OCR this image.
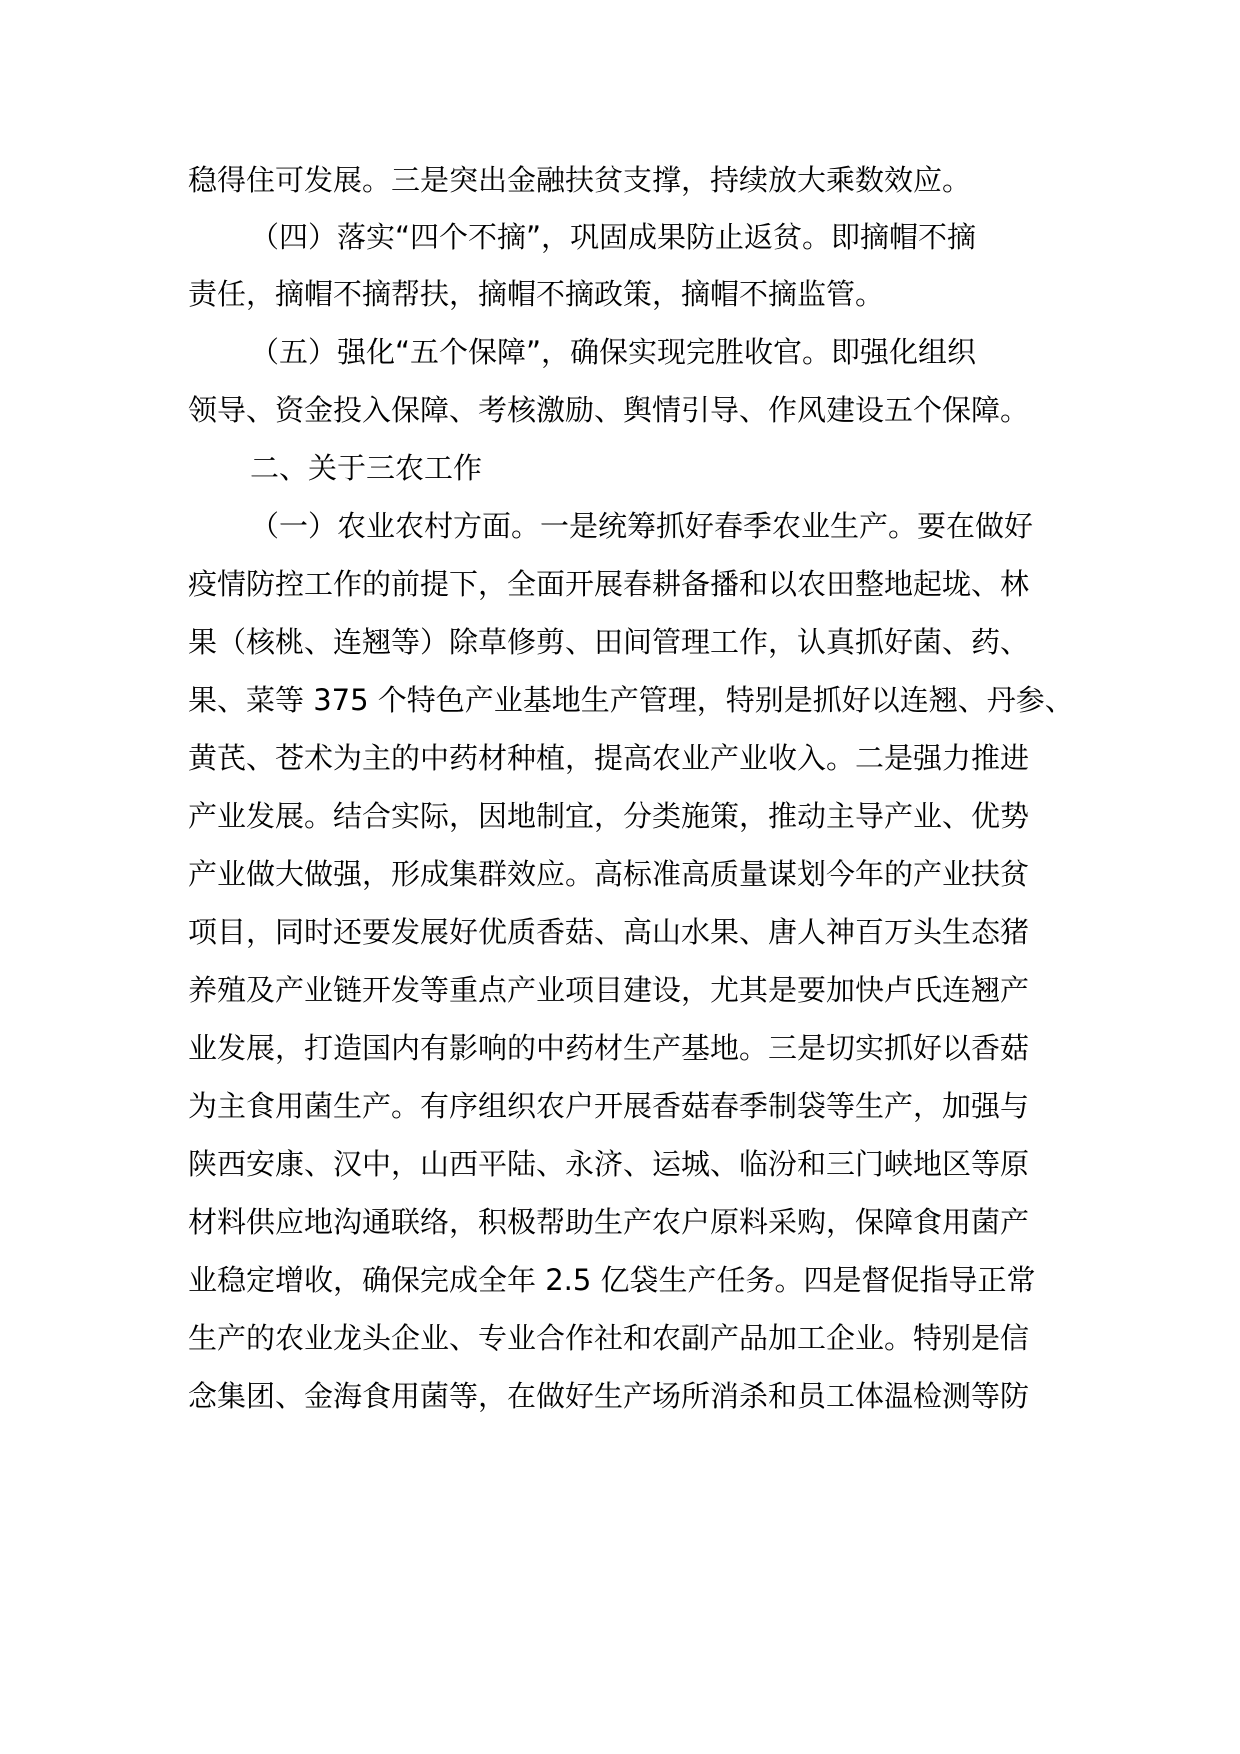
稳得住可发展。三是突出金融扶贫支撑，持续放大乘数效应。
（四）落实“四个不摘”，巩固成果防止返贫。即摘帽不摘
责任，摘帽不摘帮扶，摘帽不摘政策，摘帽不摘监管。
（五）强化“五个保障”，确保实现完胜收官。即强化组织
领导、资金投入保障、考核激励、舆情引导、作风建设五个保障。
二、关于三农工作
（一）农业农村方面。一是统筹抓好春季农业生产。要在做好
疫情防控工作的前提下，全面开展春耕备播和以农田整地起垅、林
果（核桃、连翘等）除草修剪、田间管理工作，认真抓好菌、药、
果、菜等 375 个特色产业基地生产管理，特别是抓好以连翘、丹参、
黄芪、苍术为主的中药材种植，提高农业产业收入。二是强力推进
产业发展。结合实际，因地制宜，分类施策，推动主导产业、优势
产业做大做强，形成集群效应。高标准高质量谋划今年的产业扶贫
项目，同时还要发展好优质香菇、高山水果、唐人神百万头生态猪
养殖及产业链开发等重点产业项目建设，尤其是要加快卢氏连翘产
业发展，打造国内有影响的中药材生产基地。三是切实抓好以香菇
为主食用菌生产。有序组织农户开展香菇春季制袋等生产，加强与
陕西安康、汉中，山西平陆、永济、运城、临汾和三门峡地区等原
材料供应地沟通联络，积极帮助生产农户原料采购，保障食用菌产
业稳定增收，确保完成全年 2.5 亿袋生产任务。四是督促指导正常
生产的农业龙头企业、专业合作社和农副产品加工企业。特别是信
念集团、金海食用菌等，在做好生产场所消杀和员工体温检测等防
